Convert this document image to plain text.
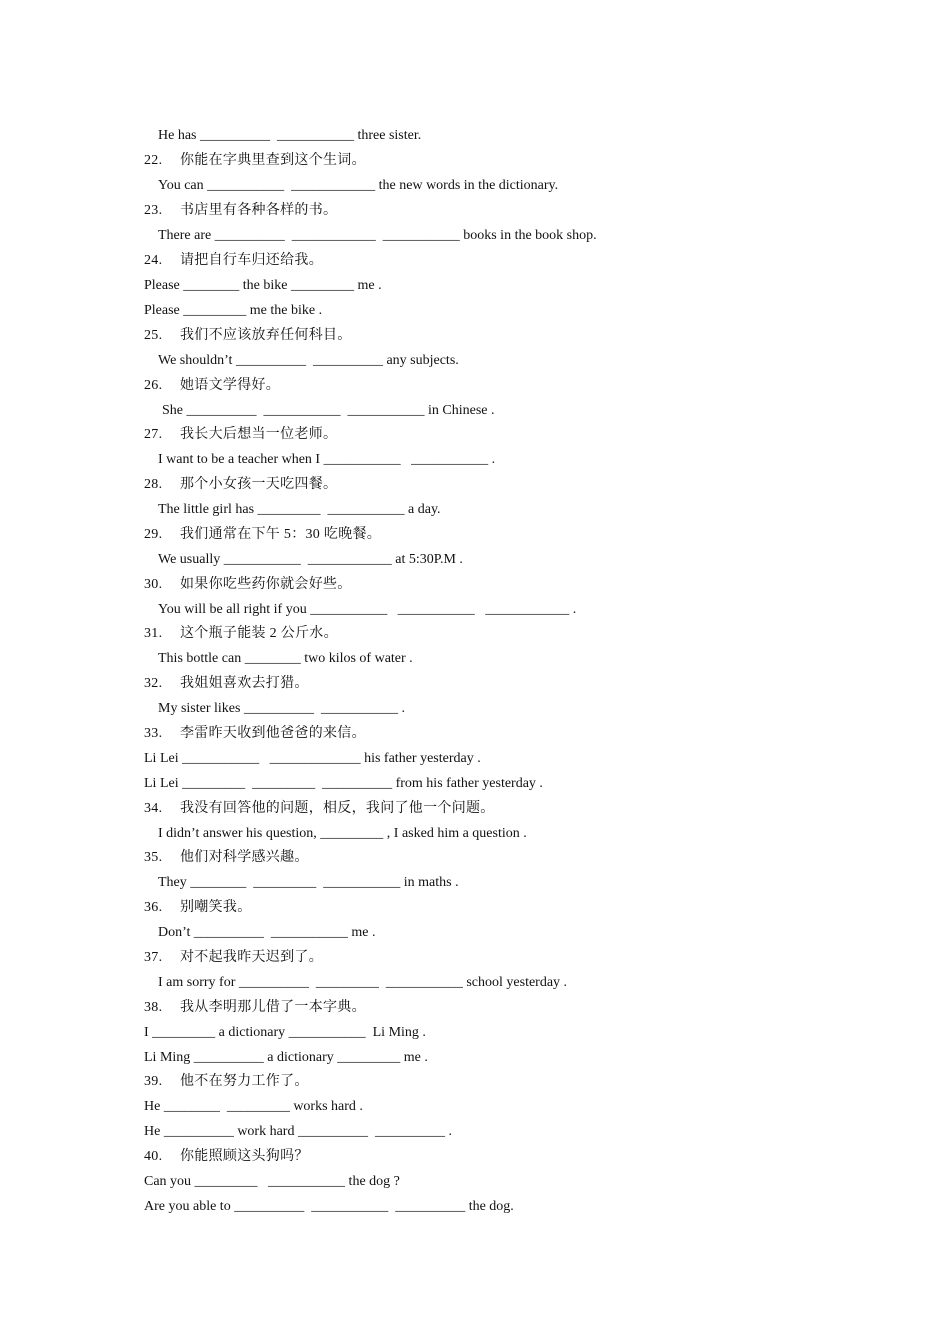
He has __________  ___________ three sister.
22. 你能在字典里查到这个生词。
You can ___________  ____________ the new words in the dictionary.
23. 书店里有各种各样的书。
There are __________  ____________  ___________ books in the book shop.
24. 请把自行车归还给我。
Please ________ the bike _________ me .
Please _________ me the bike .
25. 我们不应该放弃任何科目。
We shouldn’t __________  __________ any subjects.
26. 她语文学得好。
She __________  ___________  ___________ in Chinese .
27. 我长大后想当一位老师。
I want to be a teacher when I ___________   ___________ .
28. 那个小女孩一天吃四餐。
The little girl has _________  ___________ a day.
29. 我们通常在下午 5：30 吃晚餐。
We usually ___________  ____________ at 5:30P.M .
30. 如果你吃些药你就会好些。
You will be all right if you ___________   ___________   ____________ .
31. 这个瓶子能装 2 公斤水。
This bottle can ________ two kilos of water .
32. 我姐姐喜欢去打猎。
My sister likes __________  ___________ .
33. 李雷昨天收到他爸爸的来信。
Li Lei ___________   _____________ his father yesterday .
Li Lei _________  _________  __________ from his father yesterday .
34. 我没有回答他的问题，相反，我问了他一个问题。
I didn’t answer his question, _________ , I asked him a question .
35. 他们对科学感兴趣。
They ________  _________  ___________ in maths .
36. 别嘲笑我。
Don’t __________  ___________ me .
37. 对不起我昨天迟到了。
I am sorry for __________  _________  ___________ school yesterday .
38. 我从李明那儿借了一本字典。
I _________ a dictionary ___________  Li Ming .
Li Ming __________ a dictionary _________ me .
39. 他不在努力工作了。
He ________  _________ works hard .
He __________ work hard __________  __________ .
40. 你能照顾这头狗吗？
Can you _________   ___________ the dog ?
Are you able to __________  ___________  __________ the dog.
